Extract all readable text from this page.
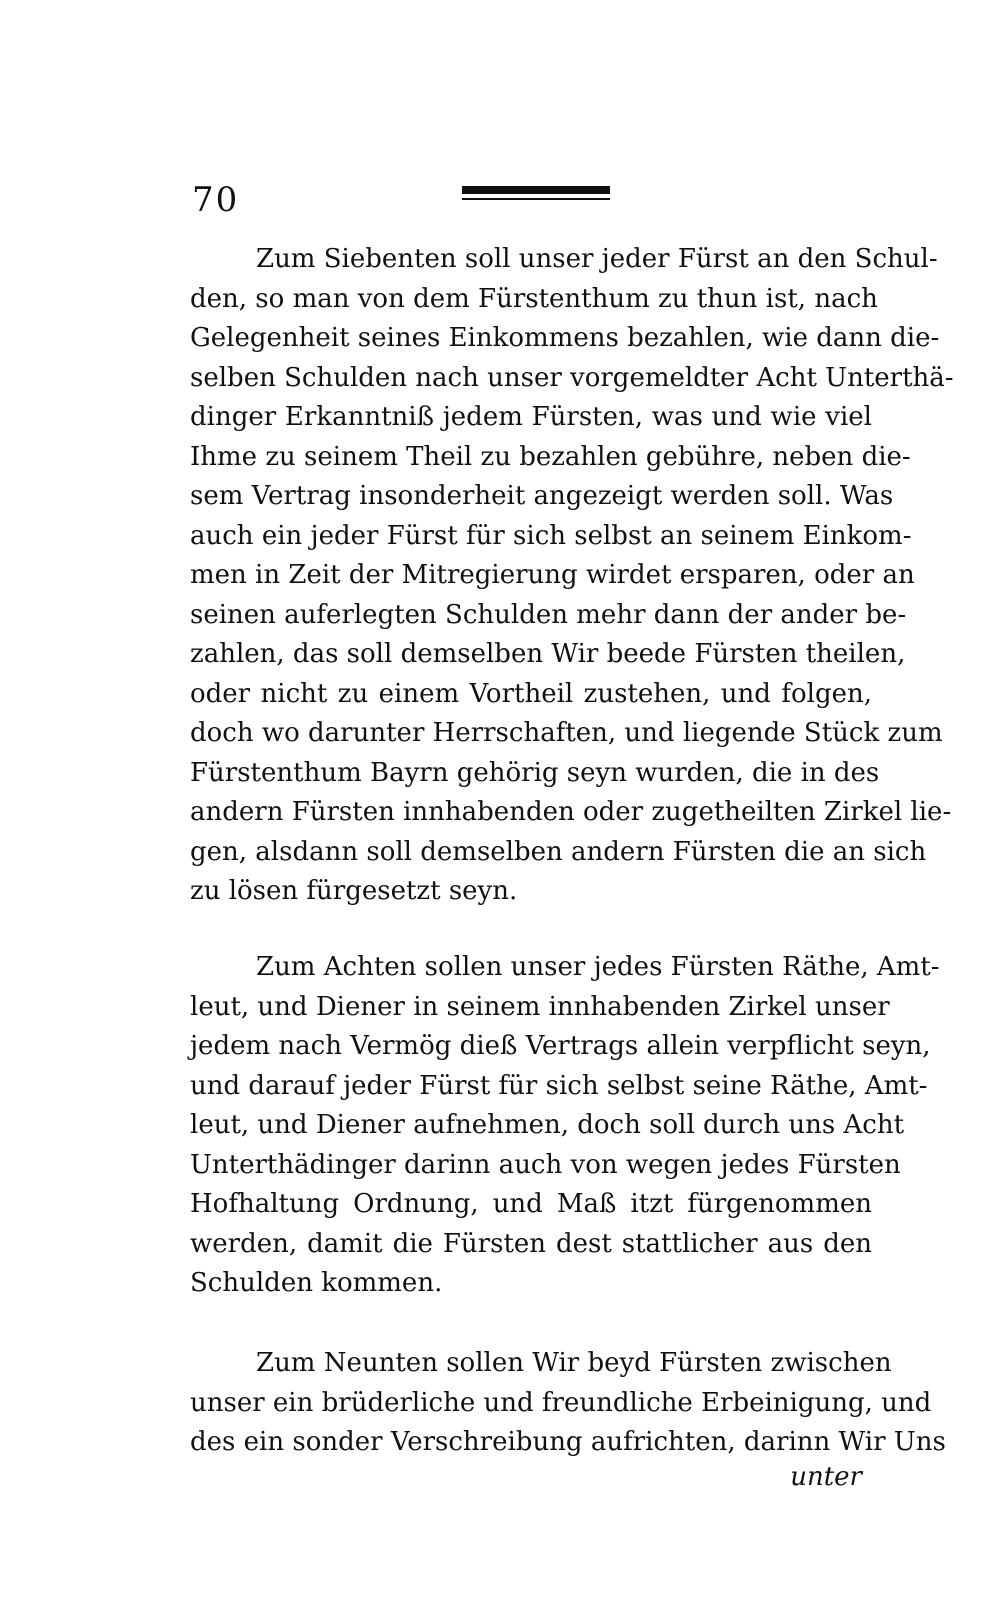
70
Zum Siebenten soll unser jeder Fürst an den Schul-
den, so man von dem Fürstenthum zu thun ist, nach
Gelegenheit seines Einkommens bezahlen, wie dann die-
selben Schulden nach unser vorgemeldter Acht Unterthä-
dinger Erkanntniß jedem Fürsten, was und wie viel
Ihme zu seinem Theil zu bezahlen gebühre, neben die-
sem Vertrag insonderheit angezeigt werden soll. Was
auch ein jeder Fürst für sich selbst an seinem Einkom-
men in Zeit der Mitregierung wirdet ersparen, oder an
seinen auferlegten Schulden mehr dann der ander be-
zahlen, das soll demselben Wir beede Fürsten theilen,
oder nicht zu einem Vortheil zustehen, und folgen,
doch wo darunter Herrschaften, und liegende Stück zum
Fürstenthum Bayrn gehörig seyn wurden, die in des
andern Fürsten innhabenden oder zugetheilten Zirkel lie-
gen, alsdann soll demselben andern Fürsten die an sich
zu lösen fürgesetzt seyn.
Zum Achten sollen unser jedes Fürsten Räthe, Amt-
leut, und Diener in seinem innhabenden Zirkel unser
jedem nach Vermög dieß Vertrags allein verpflicht seyn,
und darauf jeder Fürst für sich selbst seine Räthe, Amt-
leut, und Diener aufnehmen, doch soll durch uns Acht
Unterthädinger darinn auch von wegen jedes Fürsten
Hofhaltung Ordnung, und Maß itzt fürgenommen
werden, damit die Fürsten dest stattlicher aus den
Schulden kommen.
Zum Neunten sollen Wir beyd Fürsten zwischen
unser ein brüderliche und freundliche Erbeinigung, und
des ein sonder Verschreibung aufrichten, darinn Wir Uns
unter
